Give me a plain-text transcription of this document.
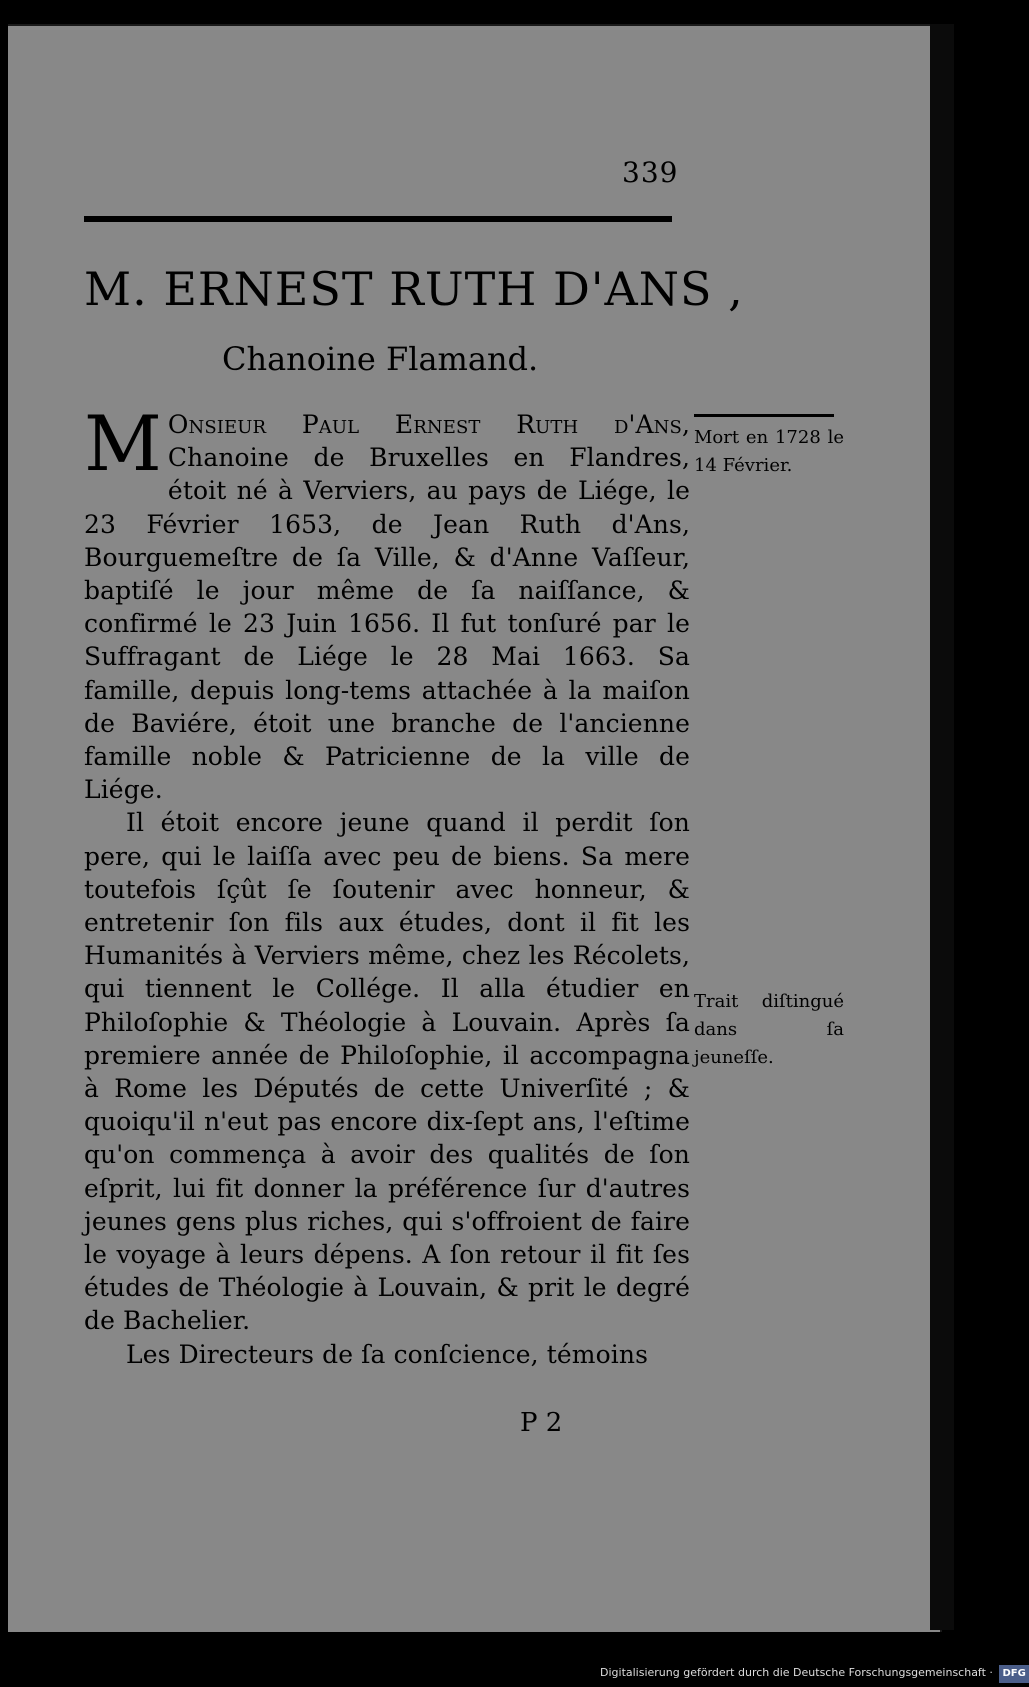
339
M. ERNEST RUTH D'ANS ,
Chanoine Flamand.

M Onsieur Paul Ernest Ruth d'Ans, Chanoine de Bruxelles en Flandres, étoit né à Verviers, au pays de Liége, le 23 Février 1653, de Jean Ruth d'Ans, Bourguemeſtre de ſa Ville, & d'Anne Vaſſeur, baptiſé le jour même de ſa naiſſance, & confirmé le 23 Juin 1656. Il fut tonſuré par le Suffragant de Liége le 28 Mai 1663. Sa famille, depuis long-tems attachée à la maiſon de Baviére, étoit une branche de l'ancienne famille noble & Patricienne de la ville de Liége.

Il étoit encore jeune quand il perdit ſon pere, qui le laiſſa avec peu de biens. Sa mere toutefois ſçût ſe ſoutenir avec honneur, & entretenir ſon fils aux études, dont il fit les Humanités à Verviers même, chez les Récolets, qui tiennent le Collége. Il alla étudier en Philoſophie & Théologie à Louvain. Après ſa premiere année de Philoſophie, il accompagna à Rome les Députés de cette Univerſité ; & quoiqu'il n'eut pas encore dix-ſept ans, l'eſtime qu'on commença à avoir des qualités de ſon eſprit, lui fit donner la préférence ſur d'autres jeunes gens plus riches, qui s'offroient de faire le voyage à leurs dépens. A ſon retour il fit ſes études de Théologie à Louvain, & prit le degré de Bachelier.

Les Directeurs de ſa conſcience, témoins

P 2
Mort en 1728 le 14 Février.
Trait diſtingué dans ſa jeuneſſe.
Digitalisierung gefördert durch die Deutsche Forschungsgemeinschaft · DFG
